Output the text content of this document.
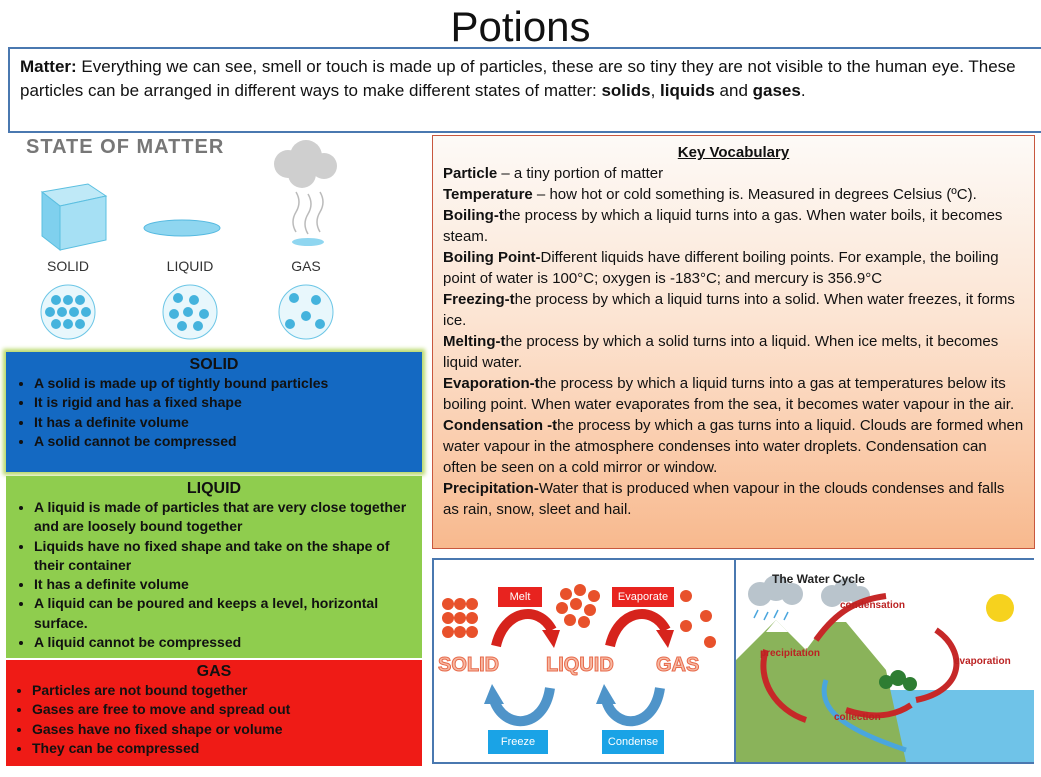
Potions
Matter: Everything we can see, smell or touch is made up of particles, these are so tiny they are not visible to the human eye. These particles can be arranged in different ways to make different states of matter: solids, liquids and gases.
STATE OF MATTER
SOLID	LIQUID	GAS
SOLID
• A solid is made up of tightly bound particles
• It is rigid and has a fixed shape
• It has a definite volume
• A solid cannot be compressed
LIQUID
• A liquid is made of particles that are very close together and are loosely bound together
• Liquids have no fixed shape and take on the shape of their container
• It has a definite volume
• A liquid can be poured and keeps a level, horizontal surface.
• A liquid cannot be compressed
GAS
• Particles are not bound together
• Gases are free to move and spread out
• Gases have no fixed shape or volume
• They can be compressed
Key Vocabulary

Particle – a tiny portion of matter

Temperature – how hot or cold something is. Measured in degrees Celsius (ºC).

Boiling-the process by which a liquid turns into a gas. When water boils, it becomes steam.

Boiling Point-Different liquids have different boiling points. For example, the boiling point of water is 100°C; oxygen is -183°C; and mercury is 356.9°C

Freezing-the process by which a liquid turns into a solid. When water freezes, it forms ice.

Melting-the process by which a solid turns into a liquid. When ice melts, it becomes liquid water.

Evaporation-the process by which a liquid turns into a gas at temperatures below its boiling point. When water evaporates from the sea, it becomes water vapour in the air.

Condensation -the process by which a gas turns into a liquid. Clouds are formed when water vapour in the atmosphere condenses into water droplets. Condensation can often be seen on a cold mirror or window.

Precipitation-Water that is produced when vapour in the clouds condenses and falls as rain, snow, sleet and hail.

SOLID LIQUID GAS
Melt	Evaporate
Freeze	Condense
The Water Cycle
condensation
precipitation
evaporation
collection
